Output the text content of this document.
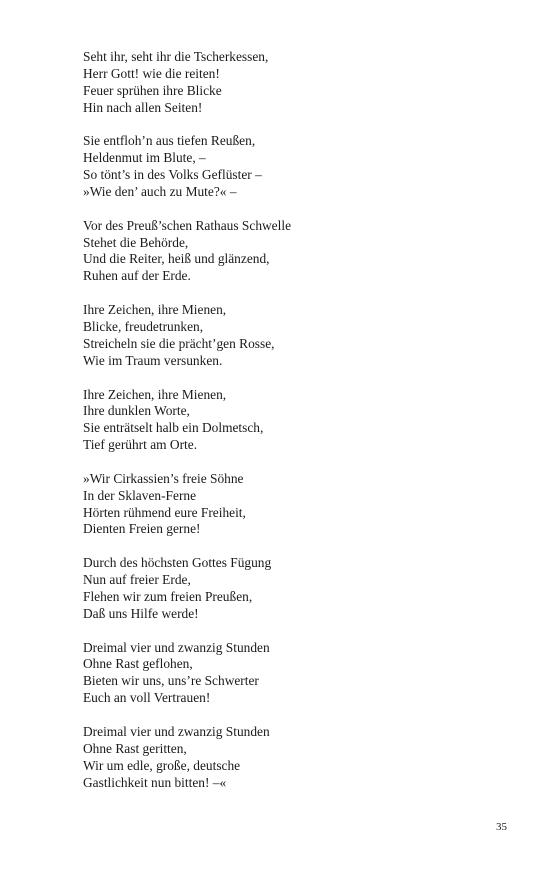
Seht ihr, seht ihr die Tscherkessen,
Herr Gott! wie die reiten!
Feuer sprühen ihre Blicke
Hin nach allen Seiten!
Sie entfloh’n aus tiefen Reußen,
Heldenmut im Blute, –
So tönt’s in des Volks Geflüster –
»Wie den’ auch zu Mute?« –
Vor des Preuß’schen Rathaus Schwelle
Stehet die Behörde,
Und die Reiter, heiß und glänzend,
Ruhen auf der Erde.
Ihre Zeichen, ihre Mienen,
Blicke, freudetrunken,
Streicheln sie die prächt’gen Rosse,
Wie im Traum versunken.
Ihre Zeichen, ihre Mienen,
Ihre dunklen Worte,
Sie enträtselt halb ein Dolmetsch,
Tief gerührt am Orte.
»Wir Cirkassien’s freie Söhne
In der Sklaven-Ferne
Hörten rühmend eure Freiheit,
Dienten Freien gerne!
Durch des höchsten Gottes Fügung
Nun auf freier Erde,
Flehen wir zum freien Preußen,
Daß uns Hilfe werde!
Dreimal vier und zwanzig Stunden
Ohne Rast geflohen,
Bieten wir uns, uns’re Schwerter
Euch an voll Vertrauen!
Dreimal vier und zwanzig Stunden
Ohne Rast geritten,
Wir um edle, große, deutsche
Gastlichkeit nun bitten! –«
35
